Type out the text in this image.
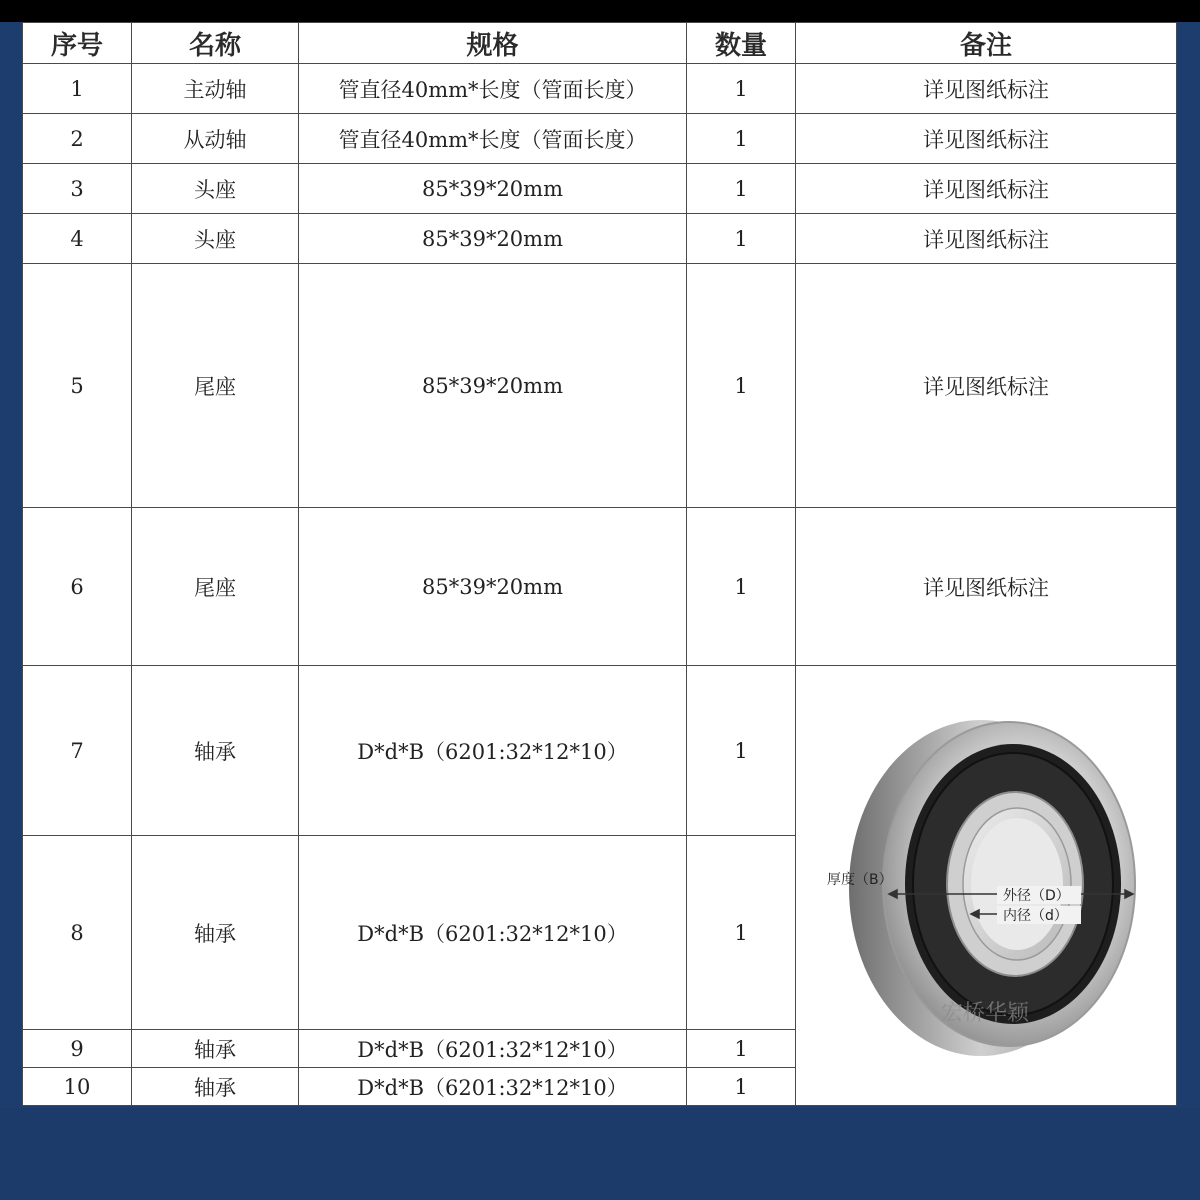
序号	名称	规格	数量	备注
1	主动轴	管直径40mm*长度（管面长度）	1	详见图纸标注
2	从动轴	管直径40mm*长度（管面长度）	1	详见图纸标注
3	头座	85*39*20mm	1	详见图纸标注
4	头座	85*39*20mm	1	详见图纸标注
5	尾座	85*39*20mm	1	详见图纸标注
6	尾座	85*39*20mm	1	详见图纸标注
7	轴承	D*d*B（6201:32*12*10）	1	厚度（B）
外径（D）
内径（d）
宏桥华颖

8	轴承	D*d*B（6201:32*12*10）	1	
9	轴承	D*d*B（6201:32*12*10）	1	
10	轴承	D*d*B（6201:32*12*10）	1	
